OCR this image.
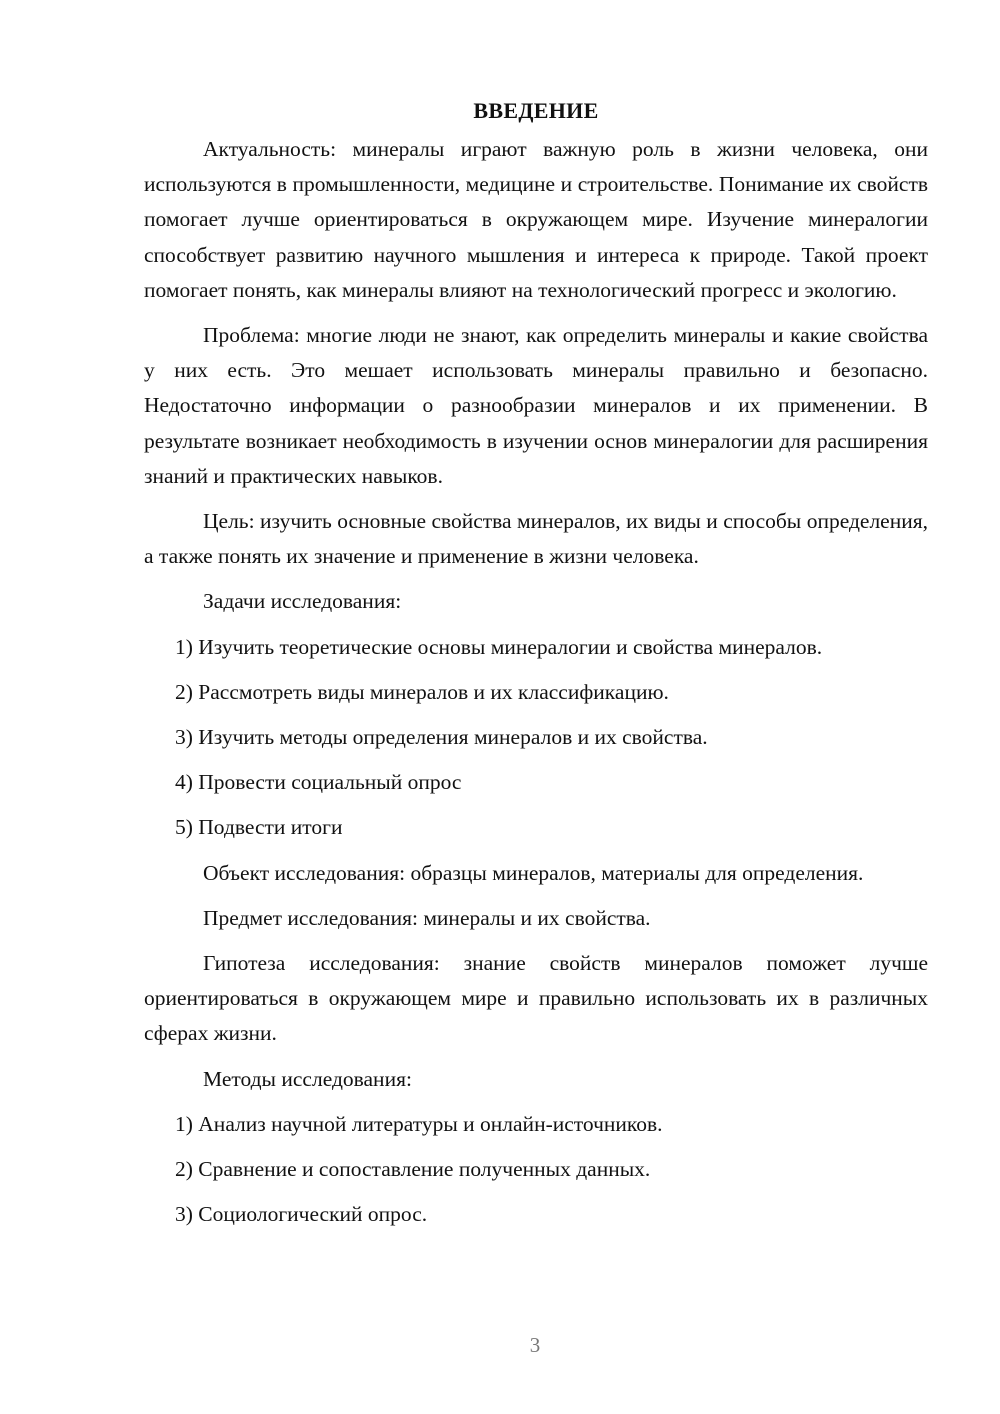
ВВЕДЕНИЕ

Актуальность: минералы играют важную роль в жизни человека, они используются в промышленности, медицине и строительстве. Понимание их свойств помогает лучше ориентироваться в окружающем мире. Изучение минералогии способствует развитию научного мышления и интереса к природе. Такой проект помогает понять, как минералы влияют на технологический прогресс и экологию.

Проблема: многие люди не знают, как определить минералы и какие свойства у них есть. Это мешает использовать минералы правильно и безопасно. Недостаточно информации о разнообразии минералов и их применении. В результате возникает необходимость в изучении основ минералогии для расширения знаний и практических навыков.

Цель: изучить основные свойства минералов, их виды и способы определения, а также понять их значение и применение в жизни человека.

Задачи исследования:

1) Изучить теоретические основы минералогии и свойства минералов.

2) Рассмотреть виды минералов и их классификацию.

3) Изучить методы определения минералов и их свойства.

4) Провести социальный опрос

5) Подвести итоги

Объект исследования: образцы минералов, материалы для определения.

Предмет исследования: минералы и их свойства.

Гипотеза исследования: знание свойств минералов поможет лучше ориентироваться в окружающем мире и правильно использовать их в различных сферах жизни.

Методы исследования:

1) Анализ научной литературы и онлайн-источников.

2) Сравнение и сопоставление полученных данных.

3) Социологический опрос.

3
